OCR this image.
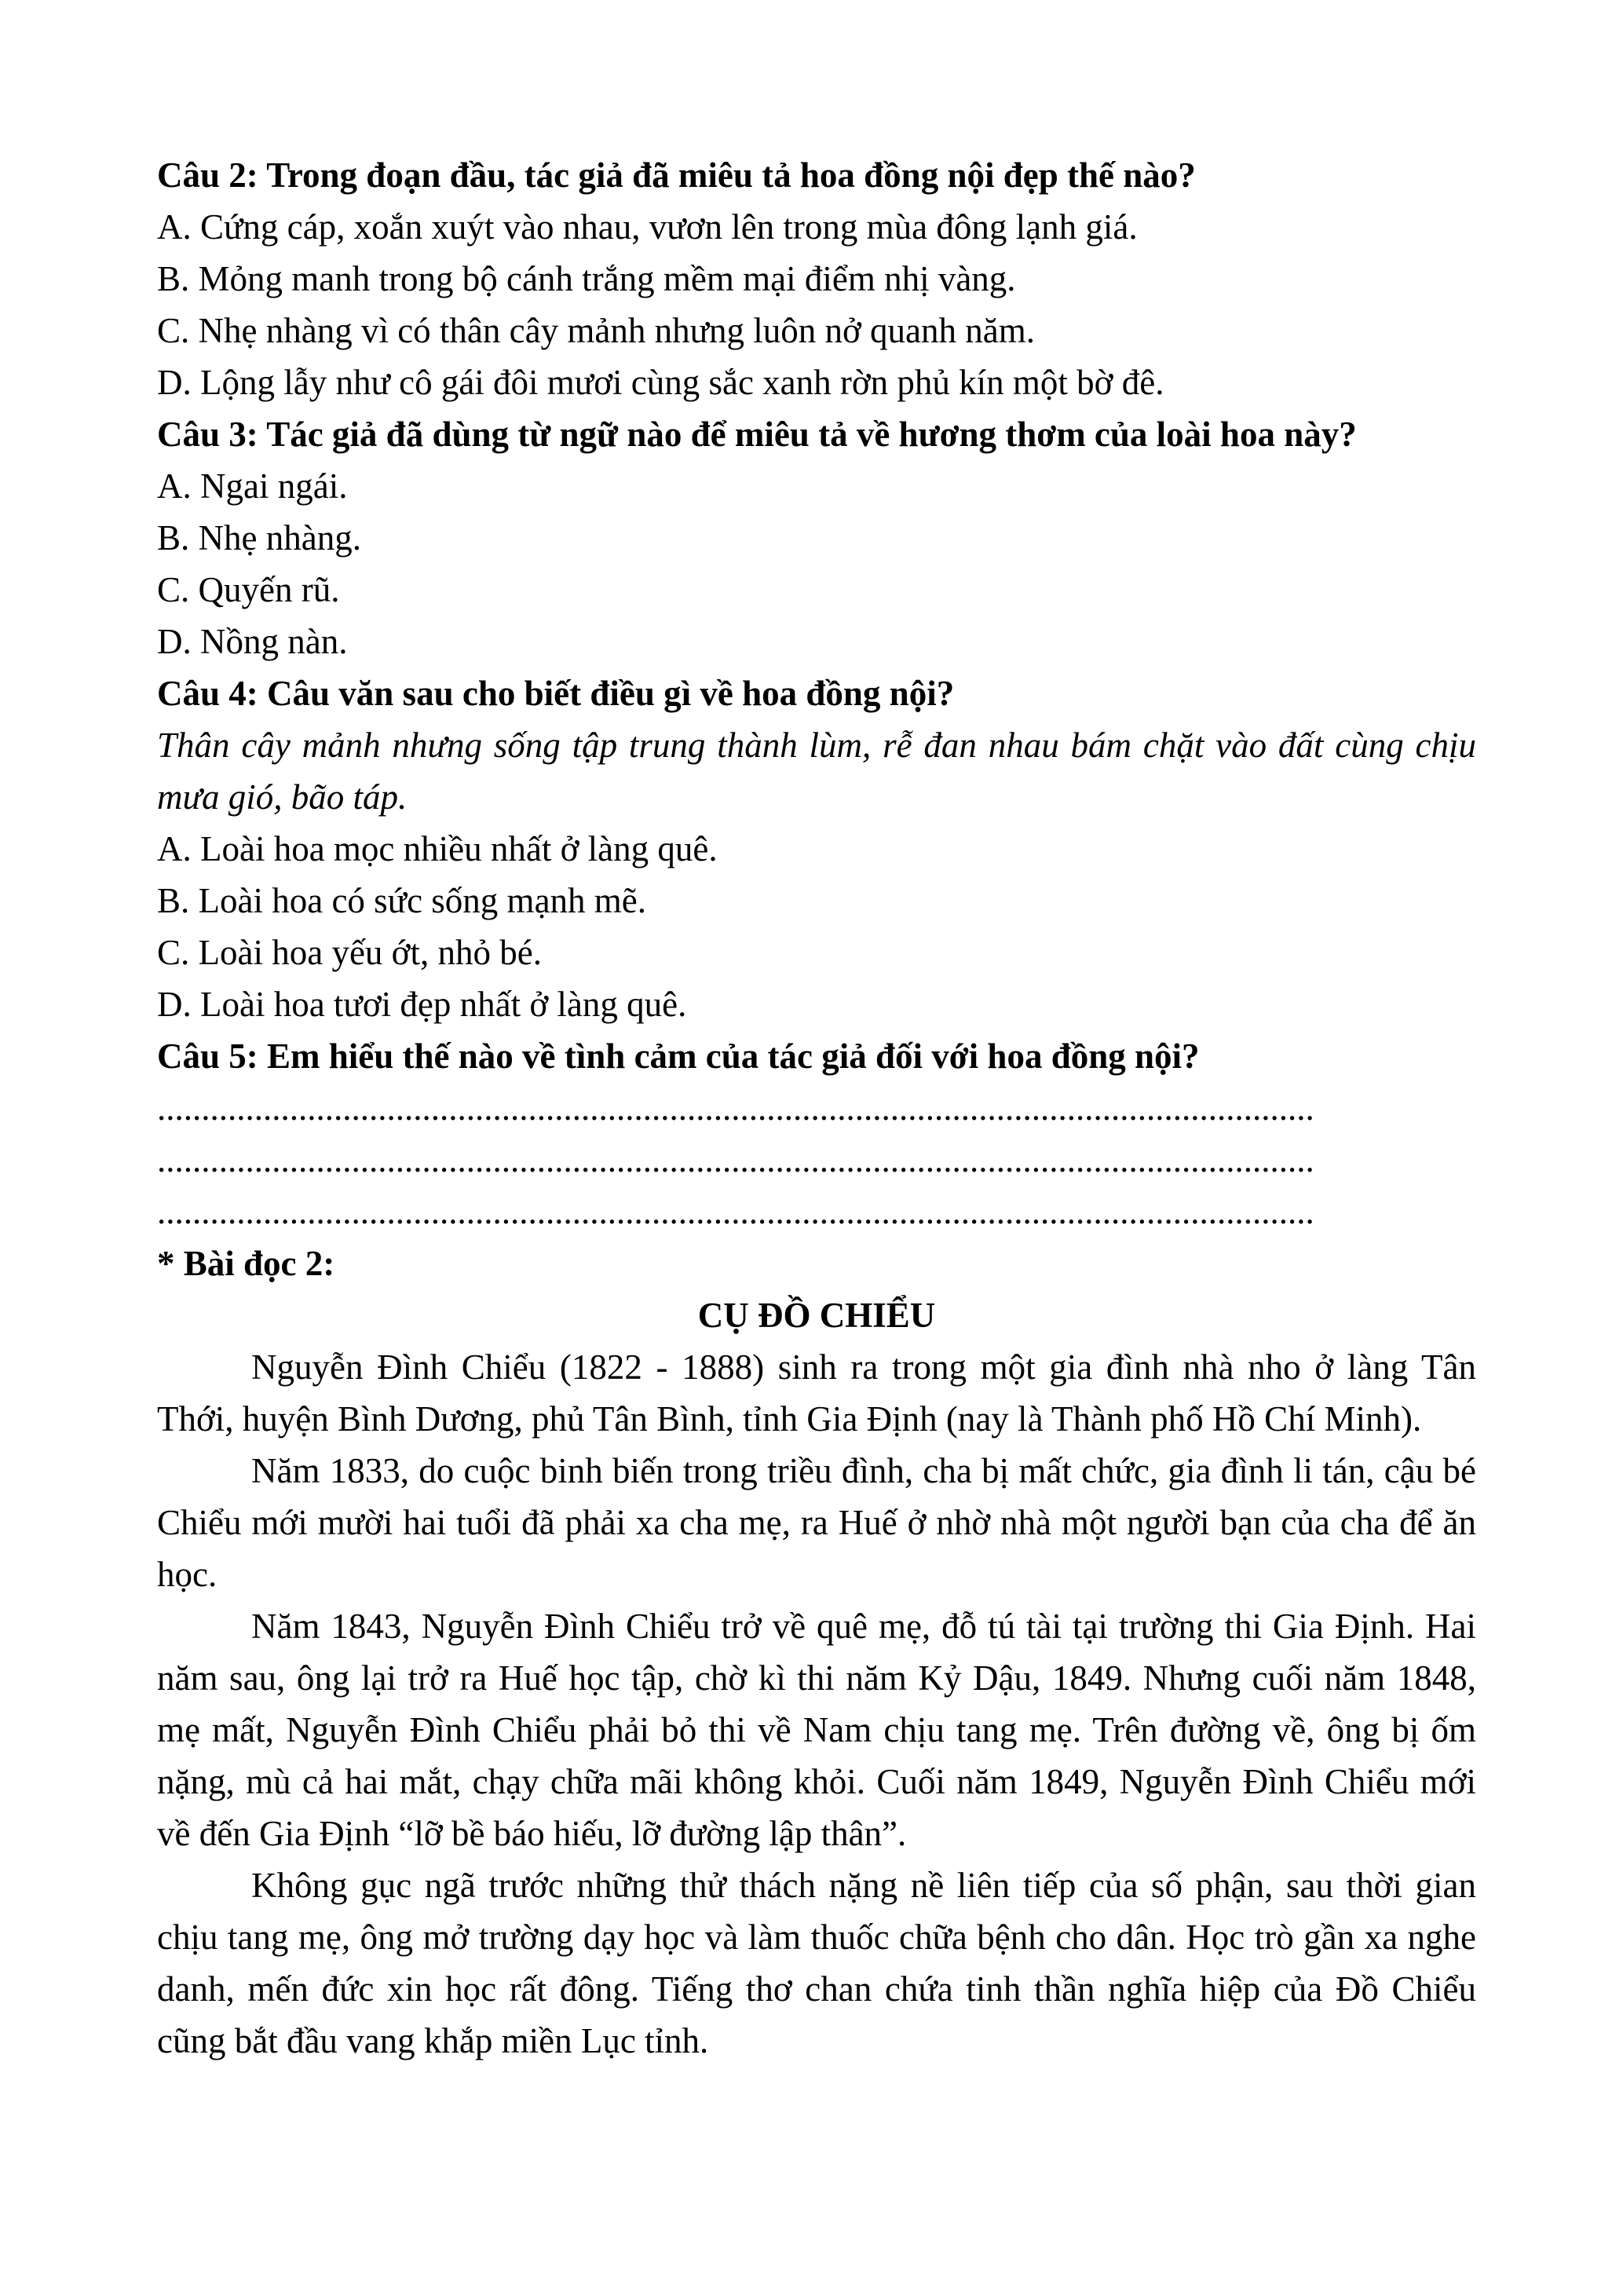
Câu 2: Trong đoạn đầu, tác giả đã miêu tả hoa đồng nội đẹp thế nào?

A. Cứng cáp, xoắn xuýt vào nhau, vươn lên trong mùa đông lạnh giá.

B. Mỏng manh trong bộ cánh trắng mềm mại điểm nhị vàng.

C. Nhẹ nhàng vì có thân cây mảnh nhưng luôn nở quanh năm.

D. Lộng lẫy như cô gái đôi mươi cùng sắc xanh rờn phủ kín một bờ đê.

Câu 3: Tác giả đã dùng từ ngữ nào để miêu tả về hương thơm của loài hoa này?

A. Ngai ngái.

B. Nhẹ nhàng.

C. Quyến rũ.

D. Nồng nàn.

Câu 4: Câu văn sau cho biết điều gì về hoa đồng nội?

Thân cây mảnh nhưng sống tập trung thành lùm, rễ đan nhau bám chặt vào đất cùng chịu mưa gió, bão táp.

A. Loài hoa mọc nhiều nhất ở làng quê.

B. Loài hoa có sức sống mạnh mẽ.

C. Loài hoa yếu ớt, nhỏ bé.

D. Loài hoa tươi đẹp nhất ở làng quê.

Câu 5: Em hiểu thế nào về tình cảm của tác giả đối với hoa đồng nội?

...................................................................................................................................

...................................................................................................................................

...................................................................................................................................

* Bài đọc 2:

CỤ ĐỒ CHIỂU

Nguyễn Đình Chiểu (1822 - 1888) sinh ra trong một gia đình nhà nho ở làng Tân Thới, huyện Bình Dương, phủ Tân Bình, tỉnh Gia Định (nay là Thành phố Hồ Chí Minh).

Năm 1833, do cuộc binh biến trong triều đình, cha bị mất chức, gia đình li tán, cậu bé Chiểu mới mười hai tuổi đã phải xa cha mẹ, ra Huế ở nhờ nhà một người bạn của cha để ăn học.

Năm 1843, Nguyễn Đình Chiểu trở về quê mẹ, đỗ tú tài tại trường thi Gia Định. Hai năm sau, ông lại trở ra Huế học tập, chờ kì thi năm Kỷ Dậu, 1849. Nhưng cuối năm 1848, mẹ mất, Nguyễn Đình Chiểu phải bỏ thi về Nam chịu tang mẹ. Trên đường về, ông bị ốm nặng, mù cả hai mắt, chạy chữa mãi không khỏi. Cuối năm 1849, Nguyễn Đình Chiểu mới về đến Gia Định “lỡ bề báo hiếu, lỡ đường lập thân”.

Không gục ngã trước những thử thách nặng nề liên tiếp của số phận, sau thời gian chịu tang mẹ, ông mở trường dạy học và làm thuốc chữa bệnh cho dân. Học trò gần xa nghe danh, mến đức xin học rất đông. Tiếng thơ chan chứa tinh thần nghĩa hiệp của Đồ Chiểu cũng bắt đầu vang khắp miền Lục tỉnh.
